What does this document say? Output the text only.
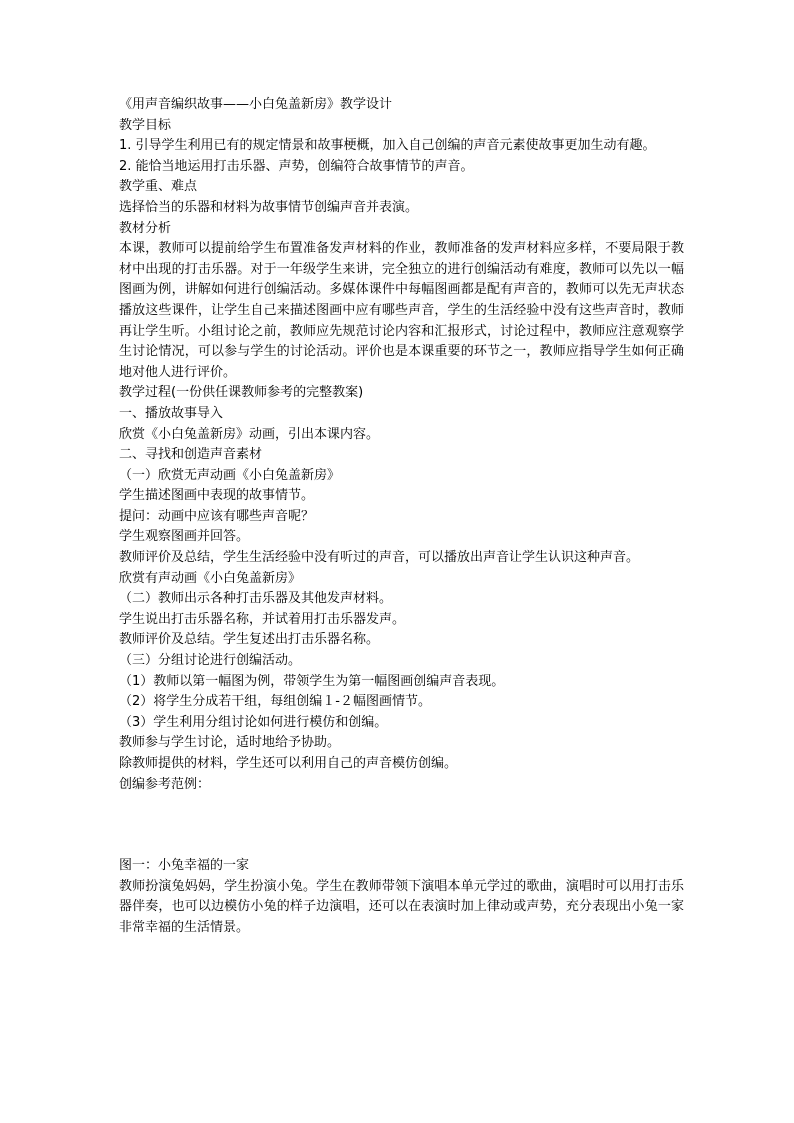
《用声音编织故事——小白兔盖新房》教学设计
教学目标
1. 引导学生利用已有的规定情景和故事梗概，加入自己创编的声音元素使故事更加生动有趣。
2. 能恰当地运用打击乐器、声势，创编符合故事情节的声音。
教学重、难点
选择恰当的乐器和材料为故事情节创编声音并表演。
教材分析
本课，教师可以提前给学生布置准备发声材料的作业，教师准备的发声材料应多样，不要局限于教材中出现的打击乐器。对于一年级学生来讲，完全独立的进行创编活动有难度，教师可以先以一幅图画为例，讲解如何进行创编活动。多媒体课件中每幅图画都是配有声音的，教师可以先无声状态播放这些课件，让学生自己来描述图画中应有哪些声音，学生的生活经验中没有这些声音时，教师再让学生听。小组讨论之前，教师应先规范讨论内容和汇报形式，讨论过程中，教师应注意观察学生讨论情况，可以参与学生的讨论活动。评价也是本课重要的环节之一，教师应指导学生如何正确地对他人进行评价。
教学过程(一份供任课教师参考的完整教案)
一、播放故事导入
欣赏《小白兔盖新房》动画，引出本课内容。
二、寻找和创造声音素材
（一）欣赏无声动画《小白兔盖新房》
学生描述图画中表现的故事情节。
提问：动画中应该有哪些声音呢？
学生观察图画并回答。
教师评价及总结，学生生活经验中没有听过的声音，可以播放出声音让学生认识这种声音。
欣赏有声动画《小白兔盖新房》
（二）教师出示各种打击乐器及其他发声材料。
学生说出打击乐器名称，并试着用打击乐器发声。
教师评价及总结。学生复述出打击乐器名称。
（三）分组讨论进行创编活动。
（1）教师以第一幅图为例，带领学生为第一幅图画创编声音表现。
（2）将学生分成若干组，每组创编１-２幅图画情节。
（3）学生利用分组讨论如何进行模仿和创编。
教师参与学生讨论，适时地给予协助。
除教师提供的材料，学生还可以利用自己的声音模仿创编。
创编参考范例：
图一：小兔幸福的一家
教师扮演兔妈妈，学生扮演小兔。学生在教师带领下演唱本单元学过的歌曲，演唱时可以用打击乐器伴奏，也可以边模仿小兔的样子边演唱，还可以在表演时加上律动或声势，充分表现出小兔一家非常幸福的生活情景。
